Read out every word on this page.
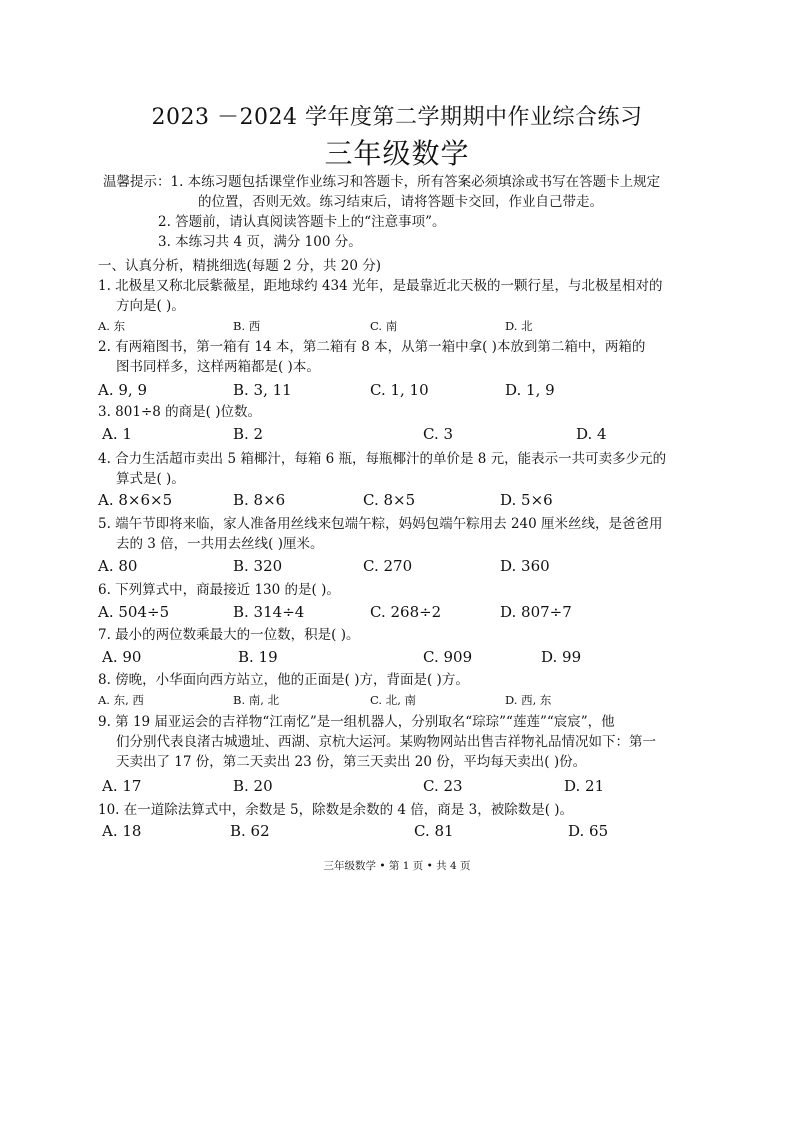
2023 －2024 学年度第二学期期中作业综合练习
三年级数学
温馨提示：1. 本练习题包括课堂作业练习和答题卡，所有答案必须填涂或书写在答题卡上规定
的位置，否则无效。练习结束后，请将答题卡交回，作业自己带走。
2. 答题前，请认真阅读答题卡上的“注意事项”。
3. 本练习共 4 页，满分 100 分。
一、认真分析，精挑细选(每题 2 分，共 20 分)
1. 北极星又称北辰紫薇星，距地球约 434 光年，是最靠近北天极的一颗行星，与北极星相对的
方向是( )。
A. 东	B. 西	C. 南	D. 北
2. 有两箱图书，第一箱有 14 本，第二箱有 8 本，从第一箱中拿( )本放到第二箱中，两箱的
图书同样多，这样两箱都是( )本。
A. 9, 9	B. 3, 11	C. 1, 10	D. 1, 9
3. 801÷8 的商是( )位数。
A. 1	B. 2	C. 3	D. 4
4. 合力生活超市卖出 5 箱椰汁，每箱 6 瓶，每瓶椰汁的单价是 8 元，能表示一共可卖多少元的
算式是( )。
A. 8×6×5	B. 8×6	C. 8×5	D. 5×6
5. 端午节即将来临，家人准备用丝线来包端午粽，妈妈包端午粽用去 240 厘米丝线，是爸爸用
去的 3 倍，一共用去丝线( )厘米。
A. 80	B. 320	C. 270	D. 360
6. 下列算式中，商最接近 130 的是( )。
A. 504÷5	B. 314÷4	C. 268÷2	D. 807÷7
7. 最小的两位数乘最大的一位数，积是( )。
A. 90	B. 19	C. 909	D. 99
8. 傍晚，小华面向西方站立，他的正面是( )方，背面是( )方。
A. 东, 西	B. 南, 北	C. 北, 南	D. 西, 东
9. 第 19 届亚运会的吉祥物“江南忆”是一组机器人，分别取名“琮琮”“莲莲”“宸宸”，他
们分别代表良渚古城遗址、西湖、京杭大运河。某购物网站出售吉祥物礼品情况如下：第一
天卖出了 17 份，第二天卖出 23 份，第三天卖出 20 份，平均每天卖出( )份。
A. 17	B. 20	C. 23	D. 21
10. 在一道除法算式中，余数是 5，除数是余数的 4 倍，商是 3，被除数是( )。
A. 18	B. 62	C. 81	D. 65
三年级数学 • 第 1 页 • 共 4 页
